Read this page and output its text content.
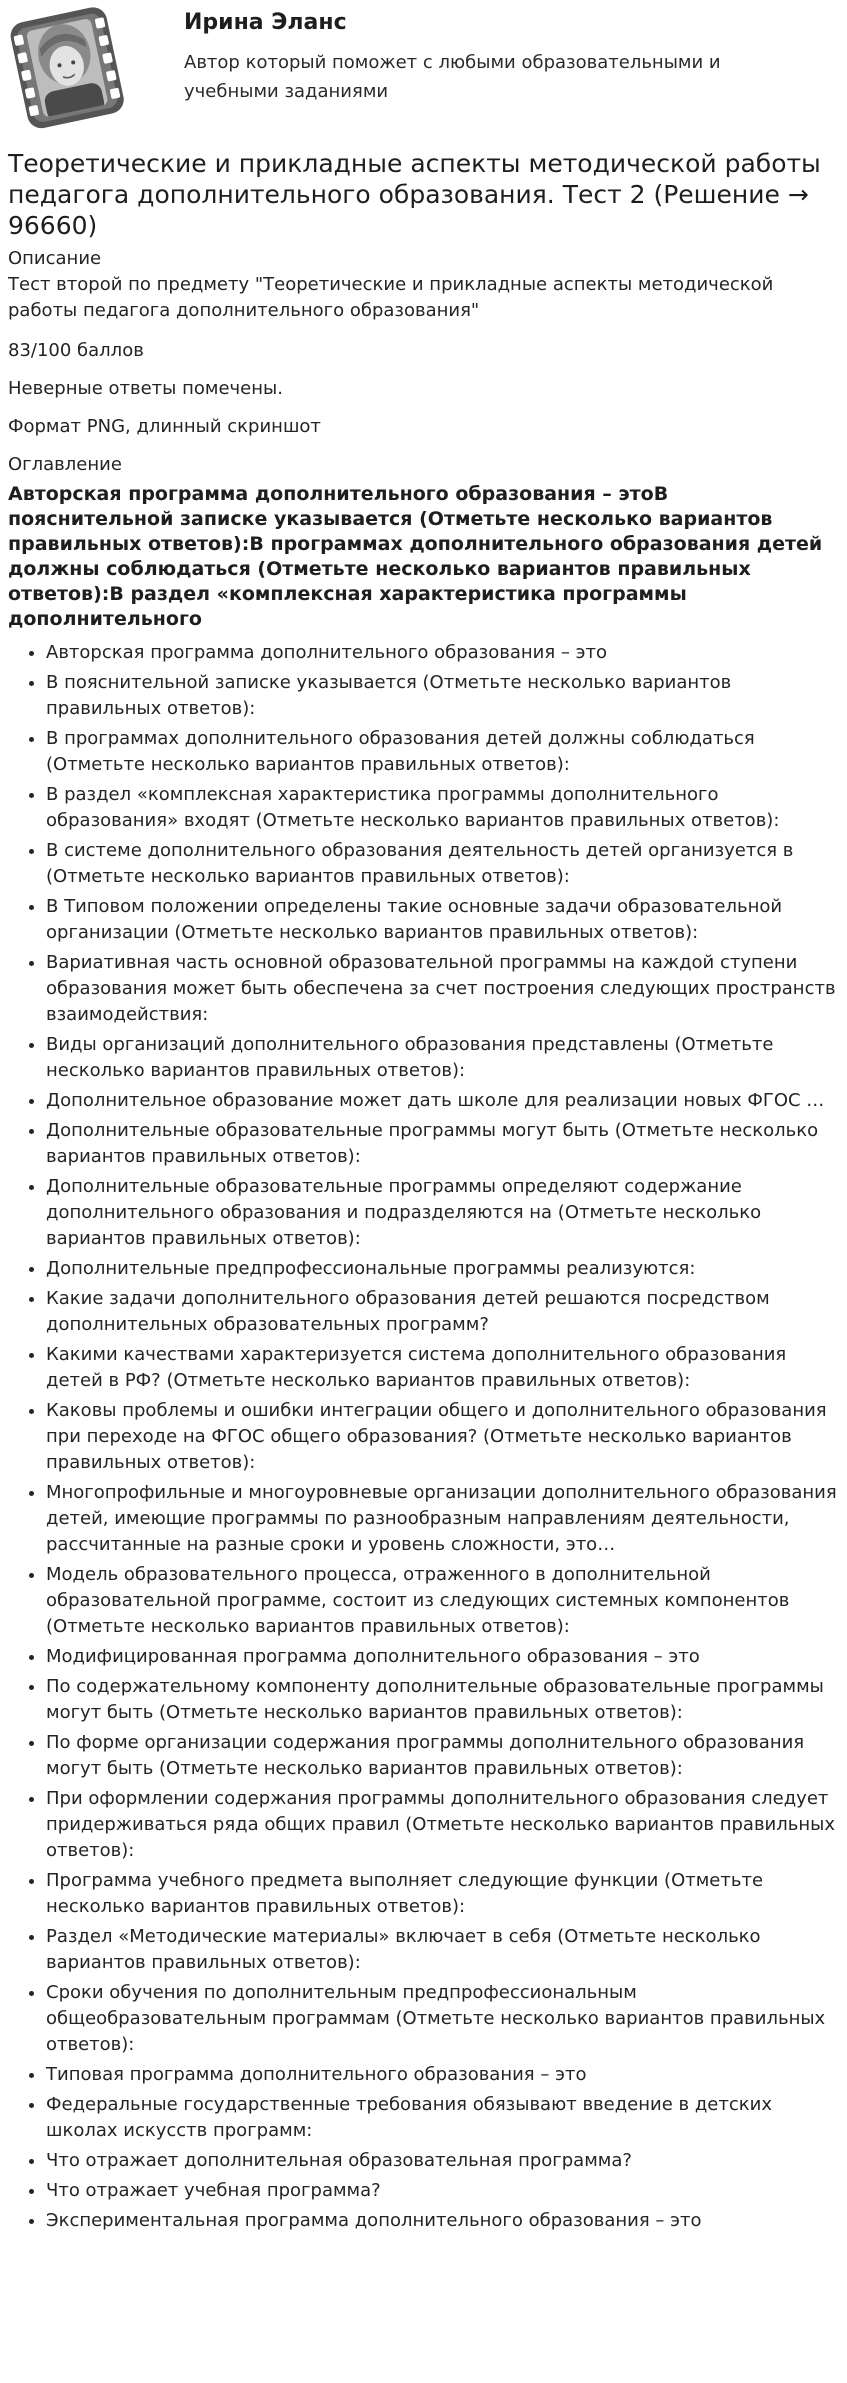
Ирина Эланс
Автор который поможет с любыми образовательными и учебными заданиями
Теоретические и прикладные аспекты методической работы педагога дополнительного образования. Тест 2 (Решение → 96660)
Описание

Тест второй по предмету "Теоретические и прикладные аспекты методической работы педагога дополнительного образования"

83/100 баллов

Неверные ответы помечены.

Формат PNG, длинный скриншот

Оглавление
Авторская программа дополнительного образования – этоВ пояснительной записке указывается (Отметьте несколько вариантов правильных ответов):В программах дополнительного образования детей должны соблюдаться (Отметьте несколько вариантов правильных ответов):В раздел «комплексная характеристика программы дополнительного
• Авторская программа дополнительного образования – это
• В пояснительной записке указывается (Отметьте несколько вариантов правильных ответов):
• В программах дополнительного образования детей должны соблюдаться (Отметьте несколько вариантов правильных ответов):
• В раздел «комплексная характеристика программы дополнительного образования» входят (Отметьте несколько вариантов правильных ответов):
• В системе дополнительного образования деятельность детей организуется в (Отметьте несколько вариантов правильных ответов):
• В Типовом положении определены такие основные задачи образовательной организации (Отметьте несколько вариантов правильных ответов):
• Вариативная часть основной образовательной программы на каждой ступени образования может быть обеспечена за счет построения следующих пространств взаимодействия:
• Виды организаций дополнительного образования представлены (Отметьте несколько вариантов правильных ответов):
• Дополнительное образование может дать школе для реализации новых ФГОС …
• Дополнительные образовательные программы могут быть (Отметьте несколько вариантов правильных ответов):
• Дополнительные образовательные программы определяют содержание дополнительного образования и подразделяются на (Отметьте несколько вариантов правильных ответов):
• Дополнительные предпрофессиональные программы реализуются:
• Какие задачи дополнительного образования детей решаются посредством дополнительных образовательных программ?
• Какими качествами характеризуется система дополнительного образования детей в РФ? (Отметьте несколько вариантов правильных ответов):
• Каковы проблемы и ошибки интеграции общего и дополнительного образования при переходе на ФГОС общего образования? (Отметьте несколько вариантов правильных ответов):
• Многопрофильные и многоуровневые организации дополнительного образования детей, имеющие программы по разнообразным направлениям деятельности, рассчитанные на разные сроки и уровень сложности, это…
• Модель образовательного процесса, отраженного в дополнительной образовательной программе, состоит из следующих системных компонентов (Отметьте несколько вариантов правильных ответов):
• Модифицированная программа дополнительного образования – это
• По содержательному компоненту дополнительные образовательные программы могут быть (Отметьте несколько вариантов правильных ответов):
• По форме организации содержания программы дополнительного образования могут быть (Отметьте несколько вариантов правильных ответов):
• При оформлении содержания программы дополнительного образования следует придерживаться ряда общих правил (Отметьте несколько вариантов правильных ответов):
• Программа учебного предмета выполняет следующие функции (Отметьте несколько вариантов правильных ответов):
• Раздел «Методические материалы» включает в себя (Отметьте несколько вариантов правильных ответов):
• Сроки обучения по дополнительным предпрофессиональным общеобразовательным программам (Отметьте несколько вариантов правильных ответов):
• Типовая программа дополнительного образования – это
• Федеральные государственные требования обязывают введение в детских школах искусств программ:
• Что отражает дополнительная образовательная программа?
• Что отражает учебная программа?
• Экспериментальная программа дополнительного образования – это
